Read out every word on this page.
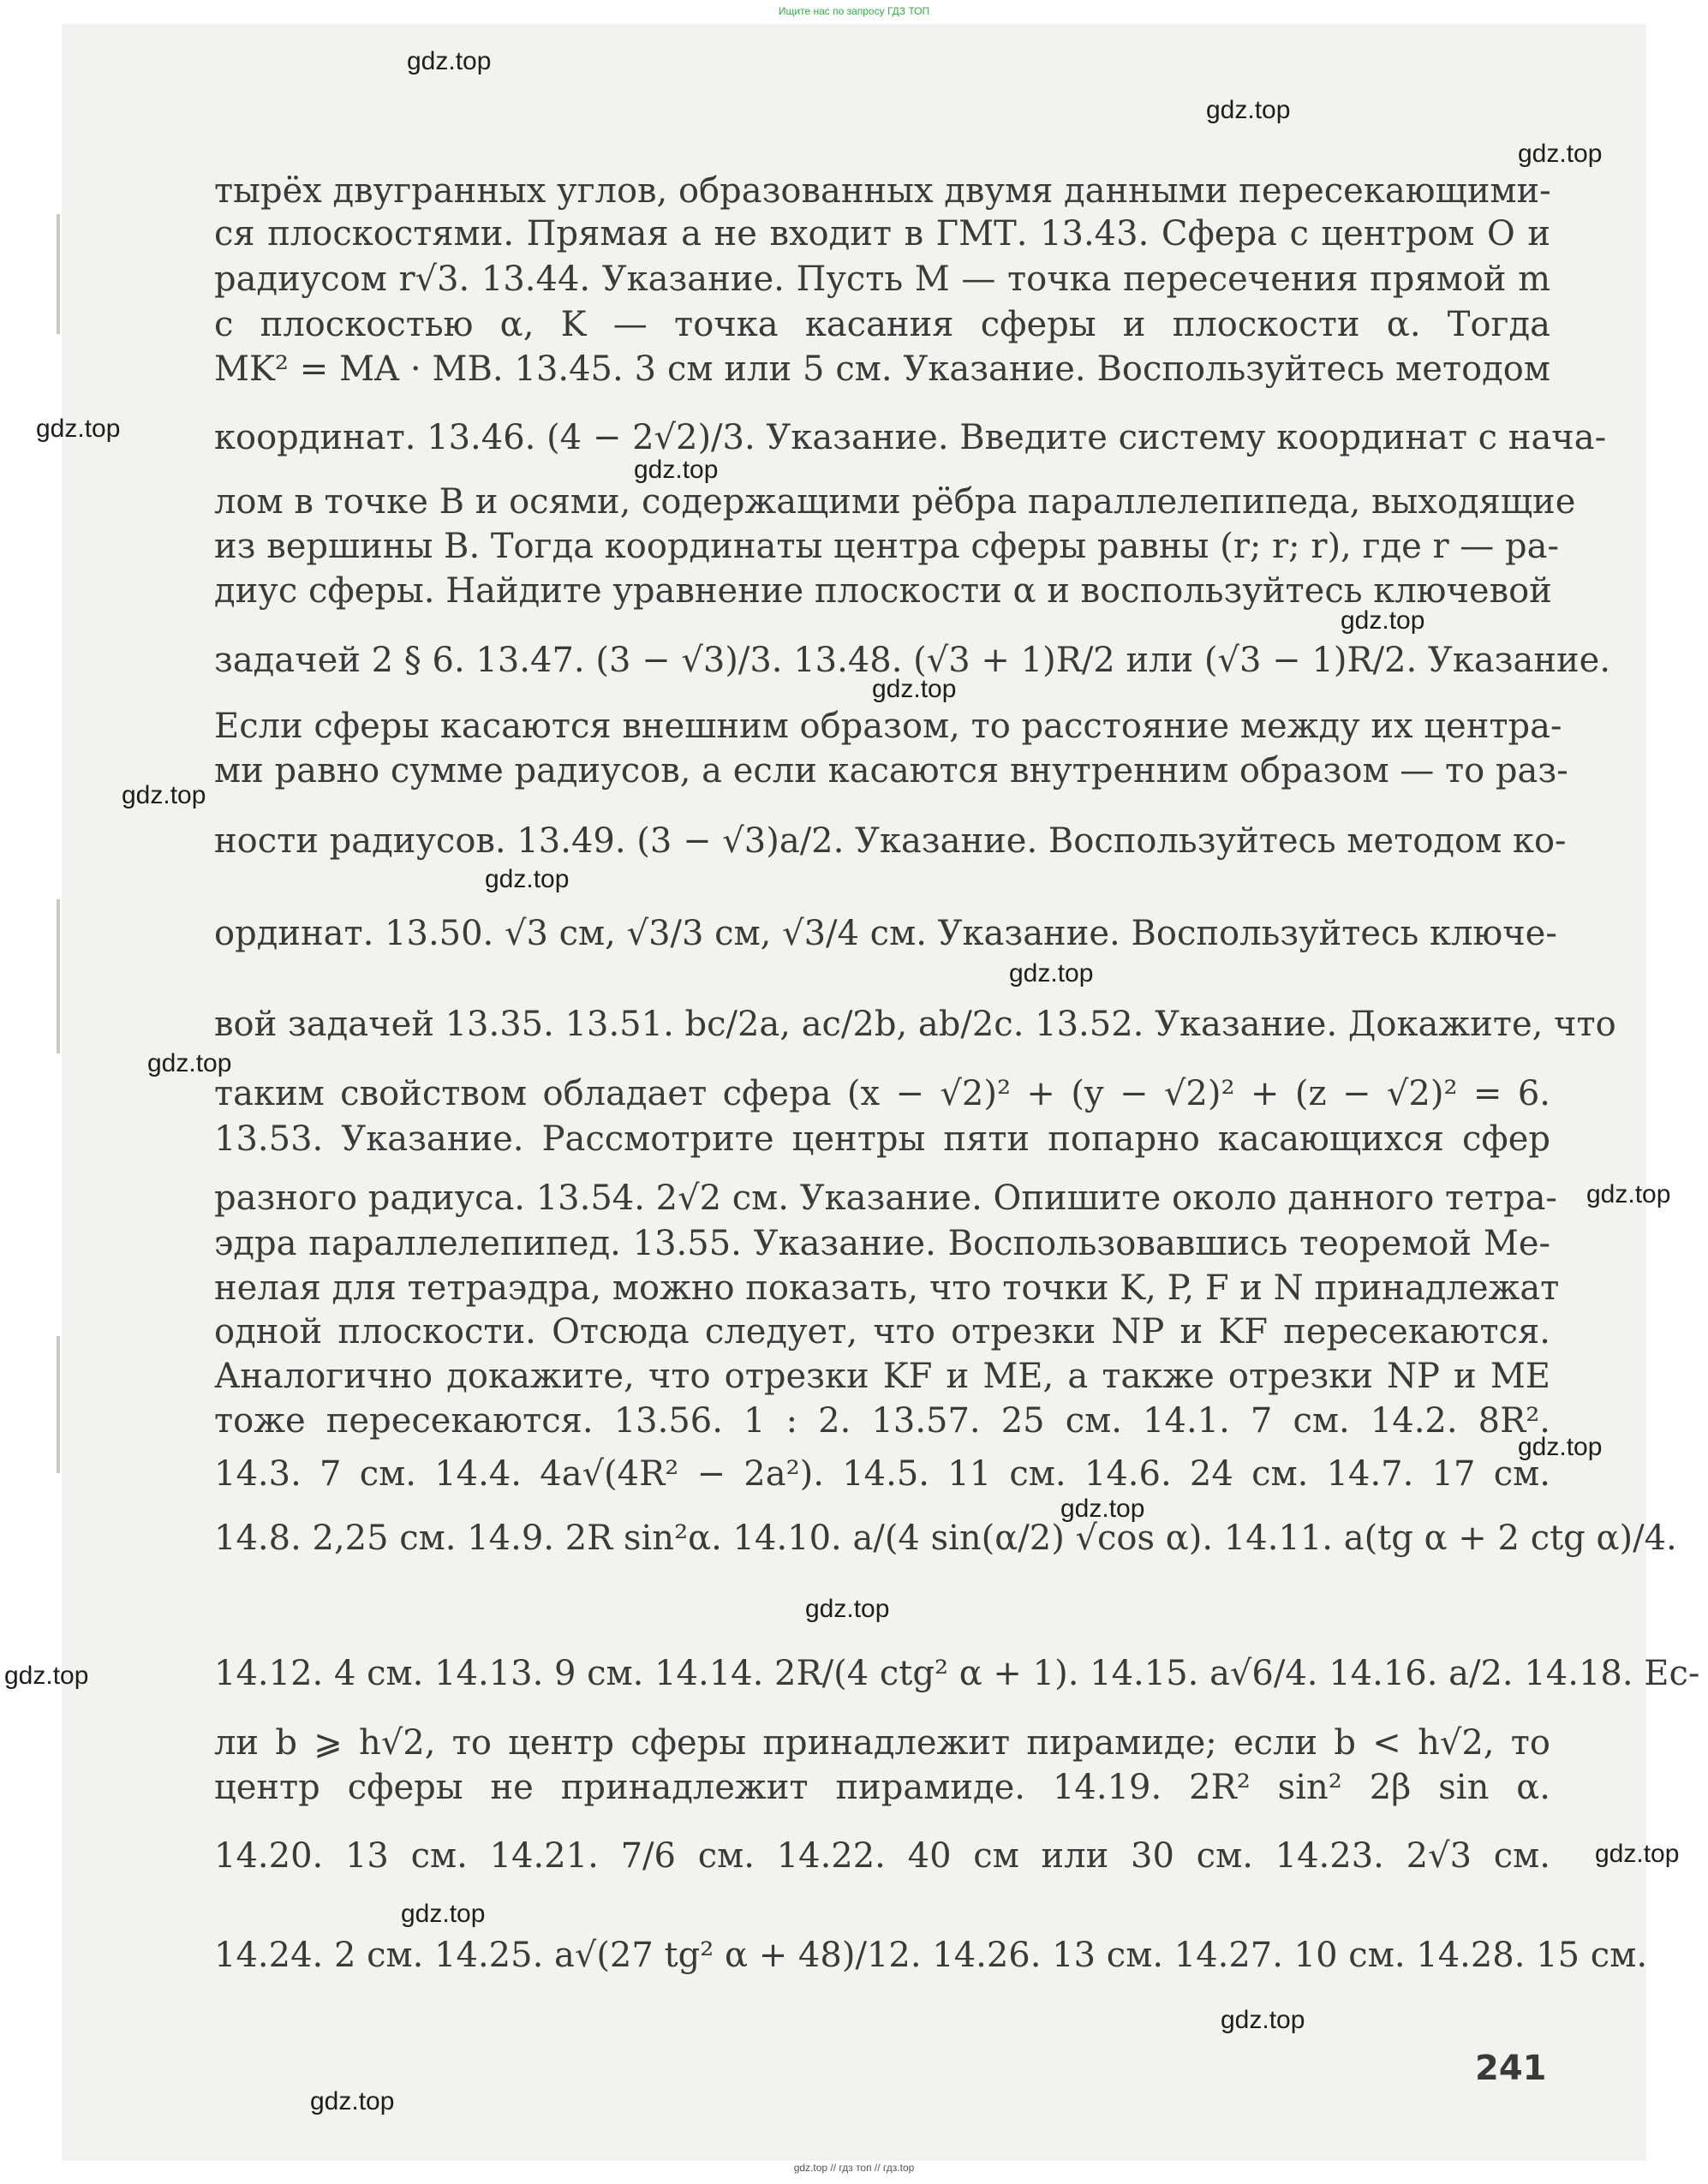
Ищите нас по запросу ГДЗ ТОП
gdz.top
gdz.top
gdz.top
gdz.top
gdz.top
gdz.top
gdz.top
gdz.top
gdz.top
gdz.top
gdz.top
gdz.top
gdz.top
gdz.top
gdz.top
gdz.top
gdz.top
gdz.top
gdz.top
gdz.top
тырёх двугранных углов, образованных двумя данными пересекающими-
ся плоскостями. Прямая a не входит в ГМТ. 13.43. Сфера с центром O и
радиусом r√3. 13.44. Указание. Пусть M — точка пересечения прямой m
с плоскостью α, K — точка касания сферы и плоскости α. Тогда
MK² = MA · MB. 13.45. 3 см или 5 см. Указание. Воспользуйтесь методом
координат. 13.46. (4 − 2√2)/3. Указание. Введите систему координат с нача-
лом в точке B и осями, содержащими рёбра параллелепипеда, выходящие
из вершины B. Тогда координаты центра сферы равны (r; r; r), где r — ра-
диус сферы. Найдите уравнение плоскости α и воспользуйтесь ключевой
задачей 2 § 6. 13.47. (3 − √3)/3. 13.48. (√3 + 1)R/2 или (√3 − 1)R/2. Указание.
Если сферы касаются внешним образом, то расстояние между их центра-
ми равно сумме радиусов, а если касаются внутренним образом — то раз-
ности радиусов. 13.49. (3 − √3)a/2. Указание. Воспользуйтесь методом ко-
ординат. 13.50. √3 см, √3/3 см, √3/4 см. Указание. Воспользуйтесь ключе-
вой задачей 13.35. 13.51. bc/2a, ac/2b, ab/2c. 13.52. Указание. Докажите, что
таким свойством обладает сфера (x − √2)² + (y − √2)² + (z − √2)² = 6.
13.53. Указание. Рассмотрите центры пяти попарно касающихся сфер
разного радиуса. 13.54. 2√2 см. Указание. Опишите около данного тетра-
эдра параллелепипед. 13.55. Указание. Воспользовавшись теоремой Ме-
нелая для тетраэдра, можно показать, что точки K, P, F и N принадлежат
одной плоскости. Отсюда следует, что отрезки NP и KF пересекаются.
Аналогично докажите, что отрезки KF и ME, а также отрезки NP и ME
тоже пересекаются. 13.56. 1 : 2. 13.57. 25 см. 14.1. 7 см. 14.2. 8R².
14.3. 7 см. 14.4. 4a√(4R² − 2a²). 14.5. 11 см. 14.6. 24 см. 14.7. 17 см.
14.8. 2,25 см. 14.9. 2R sin²α. 14.10. a/(4 sin(α/2) √cos α). 14.11. a(tg α + 2 ctg α)/4.
14.12. 4 см. 14.13. 9 см. 14.14. 2R/(4 ctg² α + 1). 14.15. a√6/4. 14.16. a/2. 14.18. Ес-
ли b ⩾ h√2, то центр сферы принадлежит пирамиде; если b < h√2, то
центр сферы не принадлежит пирамиде. 14.19. 2R² sin² 2β sin α.
14.20. 13 см. 14.21. 7/6 см. 14.22. 40 см или 30 см. 14.23. 2√3 см.
14.24. 2 см. 14.25. a√(27 tg² α + 48)/12. 14.26. 13 см. 14.27. 10 см. 14.28. 15 см.
241
gdz.top // гдз топ // гдз.top
